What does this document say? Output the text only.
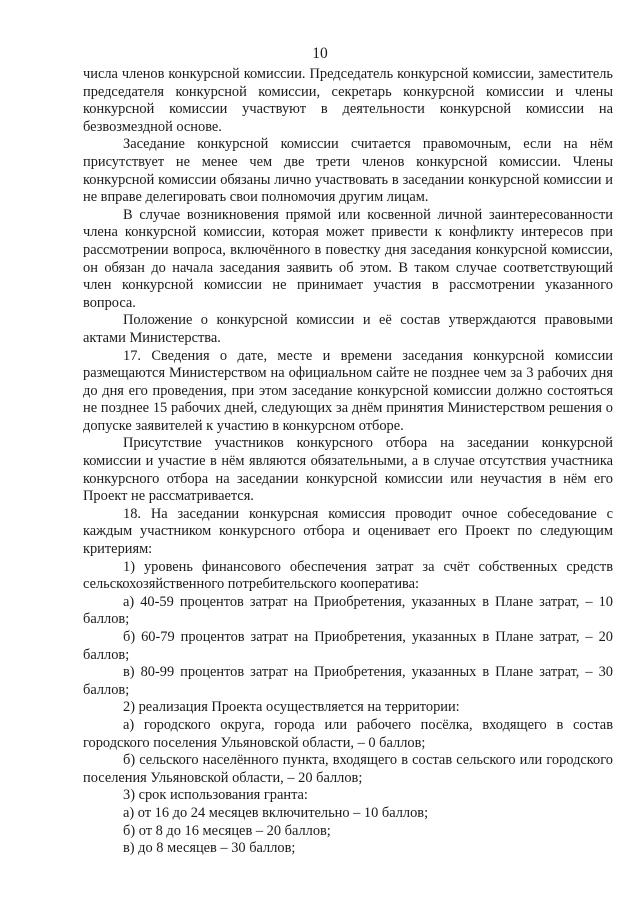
10

числа членов конкурсной комиссии. Председатель конкурсной комиссии, заместитель председателя конкурсной комиссии, секретарь конкурсной комиссии и члены конкурсной комиссии участвуют в деятельности конкурсной комиссии на безвозмездной основе.

Заседание конкурсной комиссии считается правомочным, если на нём присутствует не менее чем две трети членов конкурсной комиссии. Члены конкурсной комиссии обязаны лично участвовать в заседании конкурсной комиссии и не вправе делегировать свои полномочия другим лицам.

В случае возникновения прямой или косвенной личной заинтересованности члена конкурсной комиссии, которая может привести к конфликту интересов при рассмотрении вопроса, включённого в повестку дня заседания конкурсной комиссии, он обязан до начала заседания заявить об этом. В таком случае соответствующий член конкурсной комиссии не принимает участия в рассмотрении указанного вопроса.

Положение о конкурсной комиссии и её состав утверждаются правовыми актами Министерства.

17. Сведения о дате, месте и времени заседания конкурсной комиссии размещаются Министерством на официальном сайте не позднее чем за 3 рабочих дня до дня его проведения, при этом заседание конкурсной комиссии должно состояться не позднее 15 рабочих дней, следующих за днём принятия Министерством решения о допуске заявителей к участию в конкурсном отборе.

Присутствие участников конкурсного отбора на заседании конкурсной комиссии и участие в нём являются обязательными, а в случае отсутствия участника конкурсного отбора на заседании конкурсной комиссии или неучастия в нём его Проект не рассматривается.

18. На заседании конкурсная комиссия проводит очное собеседование с каждым участником конкурсного отбора и оценивает его Проект по следующим критериям:

1) уровень финансового обеспечения затрат за счёт собственных средств сельскохозяйственного потребительского кооператива:

а) 40-59 процентов затрат на Приобретения, указанных в Плане затрат, – 10 баллов;

б) 60-79 процентов затрат на Приобретения, указанных в Плане затрат, – 20 баллов;

в) 80-99 процентов затрат на Приобретения, указанных в Плане затрат, – 30 баллов;

2) реализация Проекта осуществляется на территории:

а) городского округа, города или рабочего посёлка, входящего в состав городского поселения Ульяновской области, – 0 баллов;

б) сельского населённого пункта, входящего в состав сельского или городского поселения Ульяновской области, – 20 баллов;

3) срок использования гранта:

а) от 16 до 24 месяцев включительно – 10 баллов;

б) от 8 до 16 месяцев – 20 баллов;

в) до 8 месяцев – 30 баллов;
